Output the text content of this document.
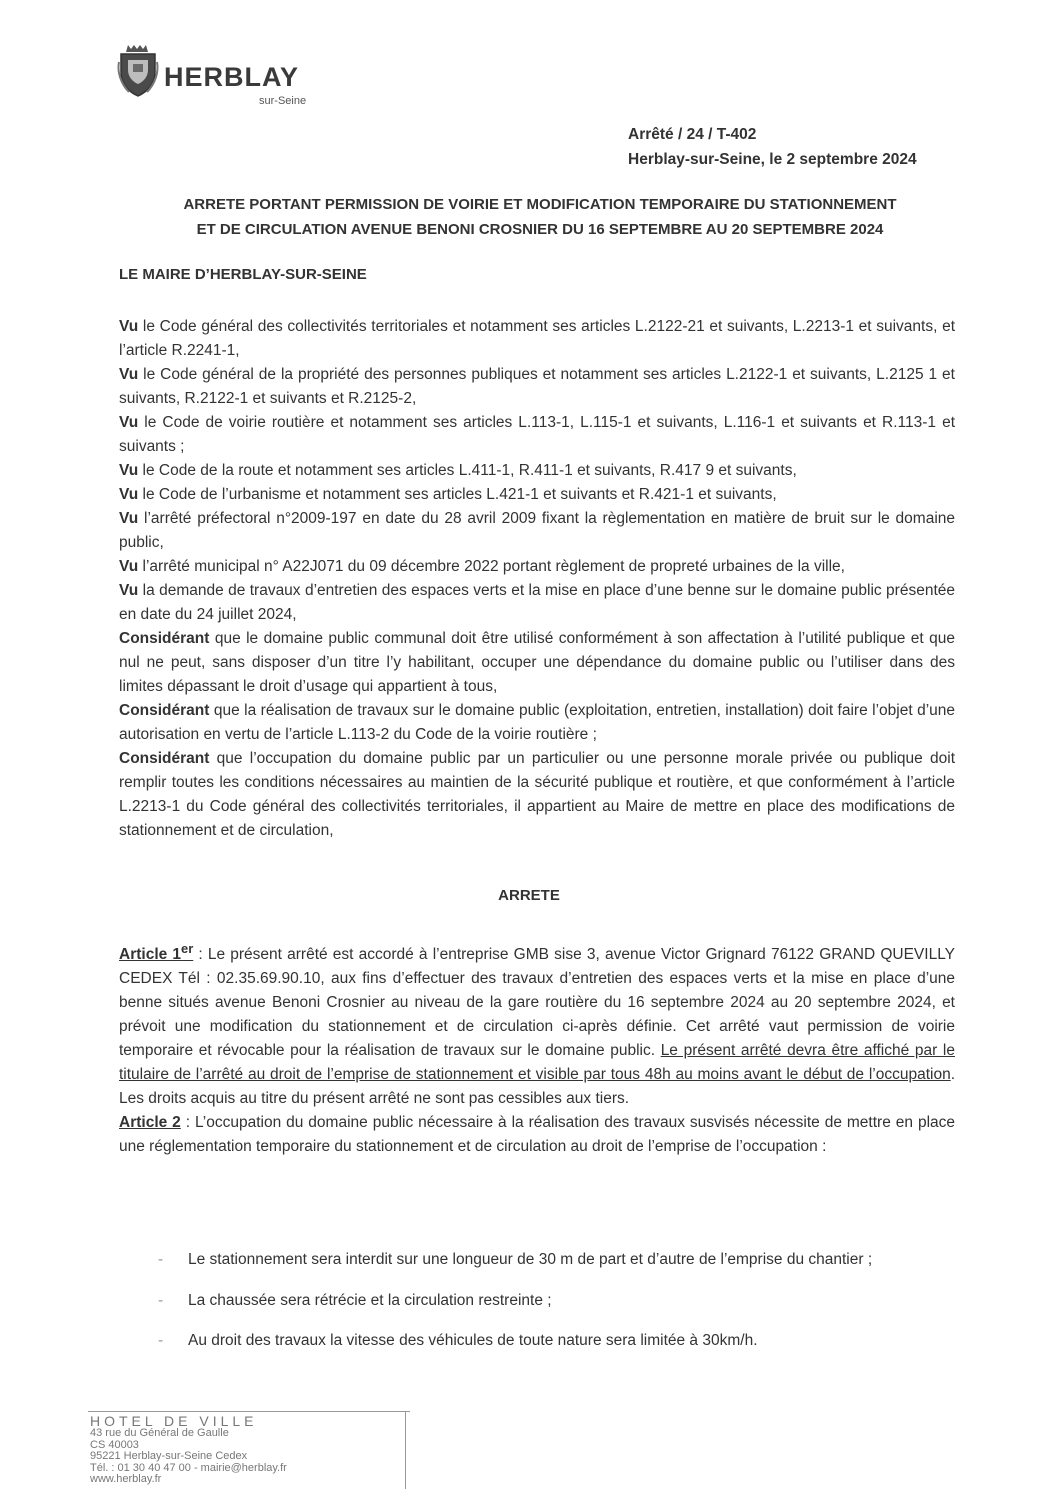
HERBLAY
sur-Seine
Arrêté / 24 / T-402
Herblay-sur-Seine, le 2 septembre 2024
ARRETE PORTANT PERMISSION DE VOIRIE ET MODIFICATION TEMPORAIRE DU STATIONNEMENT
ET DE CIRCULATION AVENUE BENONI CROSNIER DU 16 SEPTEMBRE AU 20 SEPTEMBRE 2024
LE MAIRE D’HERBLAY-SUR-SEINE

Vu le Code général des collectivités territoriales et notamment ses articles L.2122-21 et suivants, L.2213-1 et suivants, et l’article R.2241-1,

Vu le Code général de la propriété des personnes publiques et notamment ses articles L.2122-1 et suivants, L.2125 1 et suivants, R.2122-1 et suivants et R.2125-2,

Vu le Code de voirie routière et notamment ses articles L.113-1, L.115-1 et suivants, L.116-1 et suivants et R.113-1 et suivants ;

Vu le Code de la route et notamment ses articles L.411-1, R.411-1 et suivants, R.417 9 et suivants,

Vu le Code de l’urbanisme et notamment ses articles L.421-1 et suivants et R.421-1 et suivants,

Vu l’arrêté préfectoral n°2009-197 en date du 28 avril 2009 fixant la règlementation en matière de bruit sur le domaine public,

Vu l’arrêté municipal n° A22J071 du 09 décembre 2022 portant règlement de propreté urbaines de la ville,

Vu la demande de travaux d’entretien des espaces verts et la mise en place d’une benne sur le domaine public présentée en date du 24 juillet 2024,

Considérant que le domaine public communal doit être utilisé conformément à son affectation à l’utilité publique et que nul ne peut, sans disposer d’un titre l’y habilitant, occuper une dépendance du domaine public ou l’utiliser dans des limites dépassant le droit d’usage qui appartient à tous,

Considérant que la réalisation de travaux sur le domaine public (exploitation, entretien, installation) doit faire l’objet d’une autorisation en vertu de l’article L.113-2 du Code de la voirie routière ;

Considérant que l’occupation du domaine public par un particulier ou une personne morale privée ou publique doit remplir toutes les conditions nécessaires au maintien de la sécurité publique et routière, et que conformément à l’article L.2213-1 du Code général des collectivités territoriales, il appartient au Maire de mettre en place des modifications de stationnement et de circulation,

ARRETE

Article 1er : Le présent arrêté est accordé à l’entreprise GMB sise 3, avenue Victor Grignard 76122 GRAND QUEVILLY CEDEX Tél : 02.35.69.90.10, aux fins d’effectuer des travaux d’entretien des espaces verts et la mise en place d’une benne situés avenue Benoni Crosnier au niveau de la gare routière du 16 septembre 2024 au 20 septembre 2024, et prévoit une modification du stationnement et de circulation ci-après définie. Cet arrêté vaut permission de voirie temporaire et révocable pour la réalisation de travaux sur le domaine public. Le présent arrêté devra être affiché par le titulaire de l’arrêté au droit de l’emprise de stationnement et visible par tous 48h au moins avant le début de l’occupation. Les droits acquis au titre du présent arrêté ne sont pas cessibles aux tiers.

Article 2 : L’occupation du domaine public nécessaire à la réalisation des travaux susvisés nécessite de mettre en place une réglementation temporaire du stationnement et de circulation au droit de l’emprise de l’occupation :

- Le stationnement sera interdit sur une longueur de 30 m de part et d’autre de l’emprise du chantier ;
- La chaussée sera rétrécie et la circulation restreinte ;
- Au droit des travaux la vitesse des véhicules de toute nature sera limitée à 30km/h.
HOTEL DE VILLE
43 rue du Général de Gaulle
CS 40003
95221 Herblay-sur-Seine Cedex
Tél. : 01 30 40 47 00 - mairie@herblay.fr
www.herblay.fr
